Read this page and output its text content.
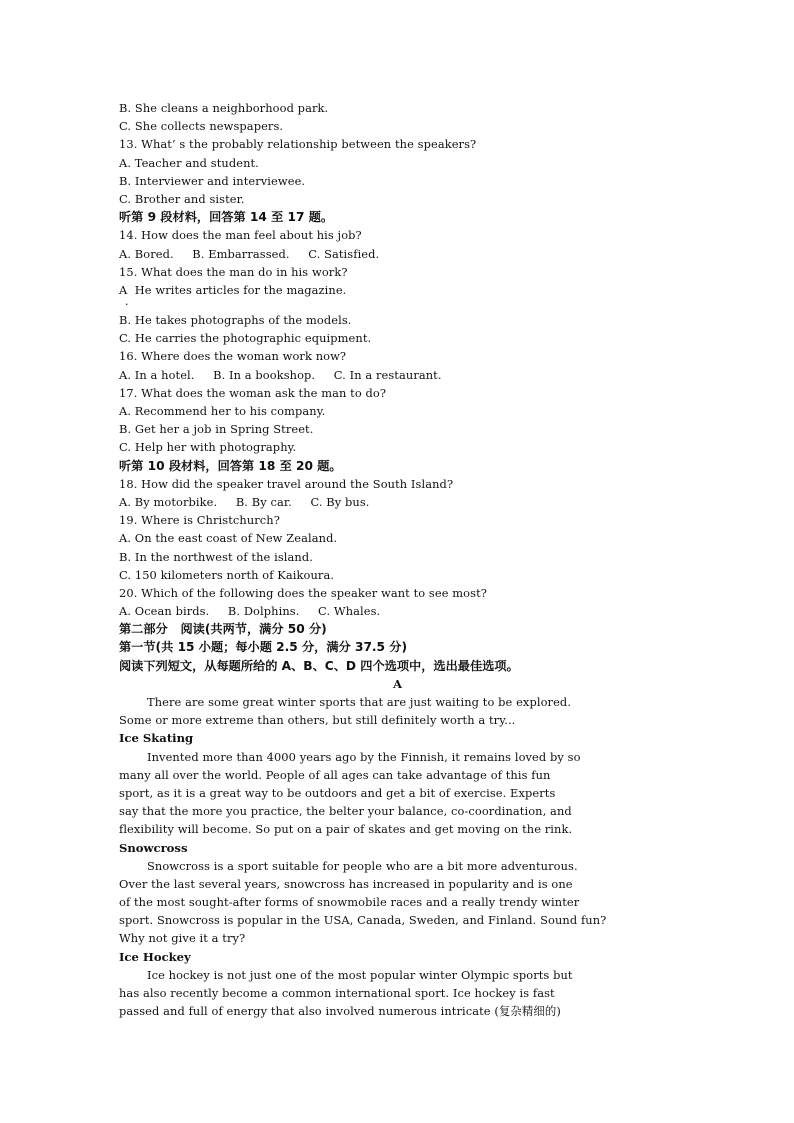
B. She cleans a neighborhood park.
C. She collects newspapers.
13. What’ s the probably relationship between the speakers?
A. Teacher and student.
B. Interviewer and interviewee.
C. Brother and sister.
听第 9 段材料，回答第 14 至 17 题。
14. How does the man feel about his job?
A. Bored.     B. Embarrassed.     C. Satisfied.
15. What does the man do in his work?
A  He writes articles for the magazine.
·
B. He takes photographs of the models.
C. He carries the photographic equipment.
16. Where does the woman work now?
A. In a hotel.     B. In a bookshop.     C. In a restaurant.
17. What does the woman ask the man to do?
A. Recommend her to his company.
B. Get her a job in Spring Street.
C. Help her with photography.
听第 10 段材料，回答第 18 至 20 题。
18. How did the speaker travel around the South Island?
A. By motorbike.     B. By car.     C. By bus.
19. Where is Christchurch?
A. On the east coast of New Zealand.
B. In the northwest of the island.
C. 150 kilometers north of Kaikoura.
20. Which of the following does the speaker want to see most?
A. Ocean birds.     B. Dolphins.     C. Whales.
第二部分   阅读(共两节，满分 50 分)
第一节(共 15 小题；每小题 2.5 分，满分 37.5 分)
阅读下列短文，从每题所给的 A、B、C、D 四个选项中，选出最佳选项。
A
There are some great winter sports that are just waiting to be explored.
Some or more extreme than others, but still definitely worth a try...
Ice Skating
Invented more than 4000 years ago by the Finnish, it remains loved by so
many all over the world. People of all ages can take advantage of this fun
sport, as it is a great way to be outdoors and get a bit of exercise. Experts
say that the more you practice, the belter your balance, co-coordination, and
flexibility will become. So put on a pair of skates and get moving on the rink.
Snowcross
Snowcross is a sport suitable for people who are a bit more adventurous.
Over the last several years, snowcross has increased in popularity and is one
of the most sought-after forms of snowmobile races and a really trendy winter
sport. Snowcross is popular in the USA, Canada, Sweden, and Finland. Sound fun?
Why not give it a try?
Ice Hockey
Ice hockey is not just one of the most popular winter Olympic sports but
has also recently become a common international sport. Ice hockey is fast
passed and full of energy that also involved numerous intricate (复杂精细的)
